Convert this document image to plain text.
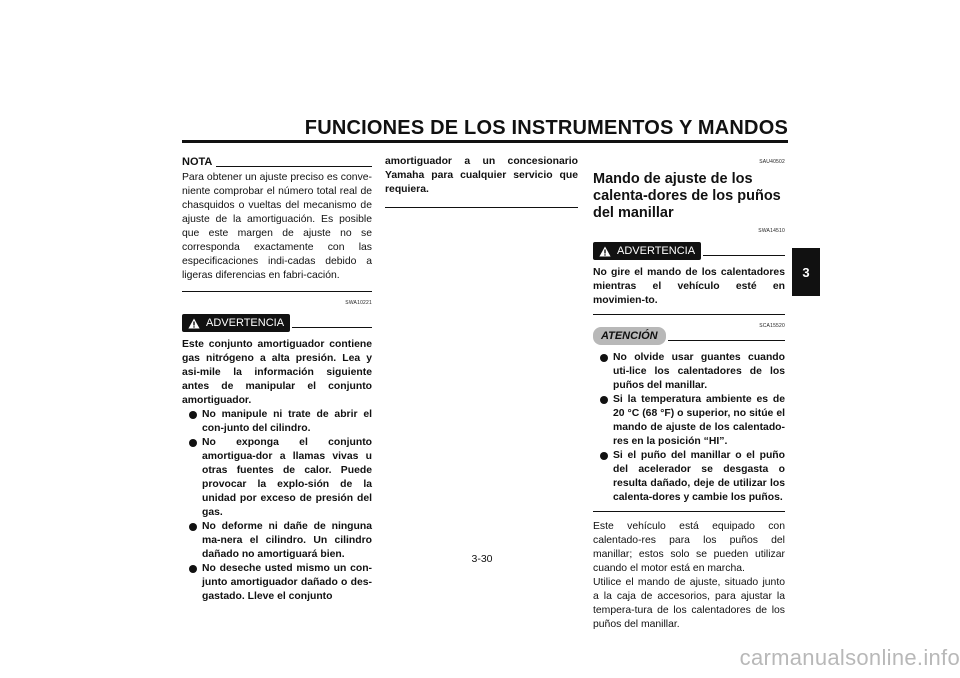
FUNCIONES DE LOS INSTRUMENTOS Y MANDOS
3
NOTA
Para obtener un ajuste preciso es conve-niente comprobar el número total real de chasquidos o vueltas del mecanismo de ajuste de la amortiguación. Es posible que este margen de ajuste no se corresponda exactamente con las especificaciones indi-cadas debido a ligeras diferencias en fabri-cación.
SWA10221
ADVERTENCIA
Este conjunto amortiguador contiene gas nitrógeno a alta presión. Lea y asi-mile la información siguiente antes de manipular el conjunto amortiguador.
No manipule ni trate de abrir el con-junto del cilindro.
No exponga el conjunto amortigua-dor a llamas vivas u otras fuentes de calor. Puede provocar la explo-sión de la unidad por exceso de presión del gas.
No deforme ni dañe de ninguna ma-nera el cilindro. Un cilindro dañado no amortiguará bien.
No deseche usted mismo un con-junto amortiguador dañado o des-gastado. Lleve el conjunto
amortiguador a un concesionario Yamaha para cualquier servicio que requiera.
SAU40502
Mando de ajuste de los calenta-dores de los puños del manillar
SWA14510
ADVERTENCIA
No gire el mando de los calentadores mientras el vehículo esté en movimien-to.
SCA15520
ATENCIÓN
No olvide usar guantes cuando uti-lice los calentadores de los puños del manillar.
Si la temperatura ambiente es de 20 °C (68 °F) o superior, no sitúe el mando de ajuste de los calentado-res en la posición “HI”.
Si el puño del manillar o el puño del acelerador se desgasta o resulta dañado, deje de utilizar los calenta-dores y cambie los puños.
Este vehículo está equipado con calentado-res para los puños del manillar; estos solo se pueden utilizar cuando el motor está en marcha.
Utilice el mando de ajuste, situado junto a la caja de accesorios, para ajustar la tempera-tura de los calentadores de los puños del manillar.
3-30
carmanualsonline.info
